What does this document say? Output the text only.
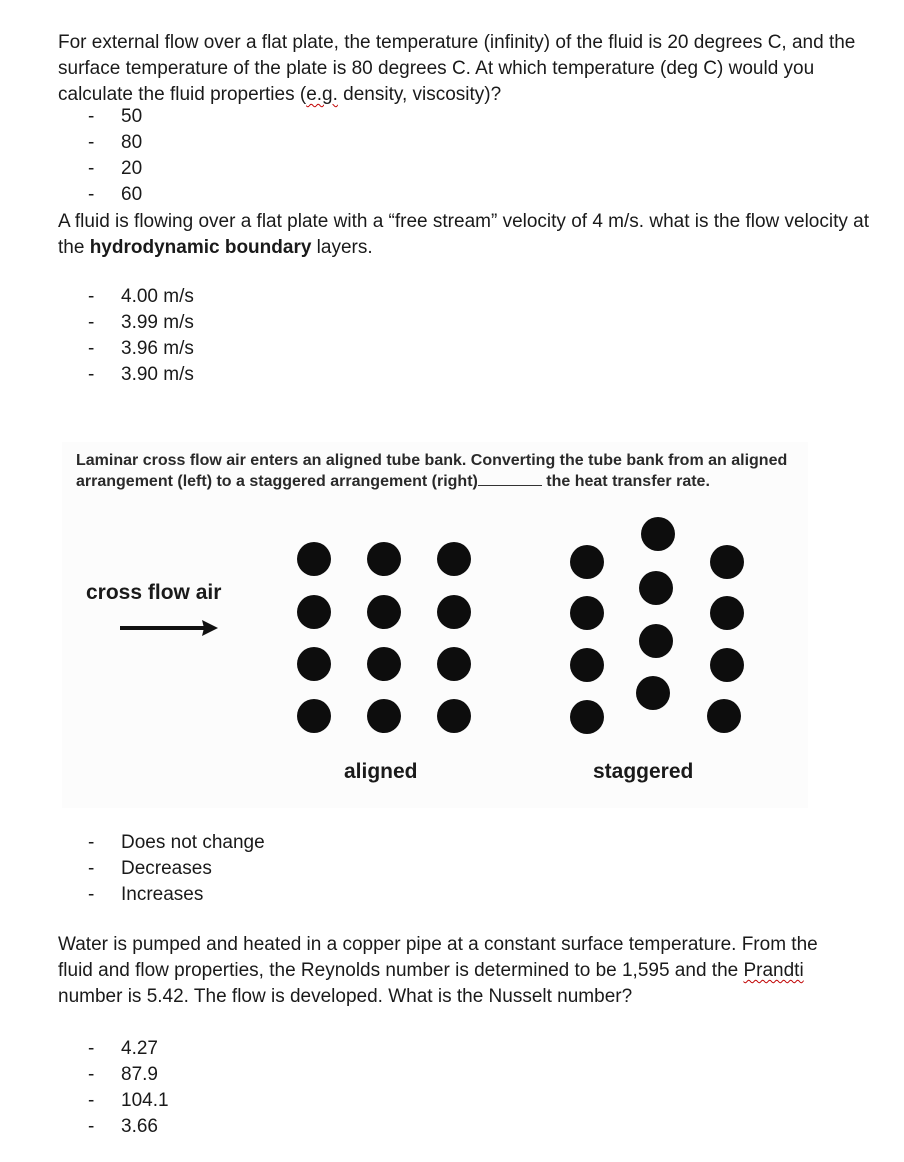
For external flow over a flat plate, the temperature (infinity) of the fluid is 20 degrees C, and the surface temperature of the plate is 80 degrees C. At which temperature (deg C) would you calculate the fluid properties (e.g. density, viscosity)?

- 50
- 80
- 20
- 60

A fluid is flowing over a flat plate with a “free stream” velocity of 4 m/s. what is the flow velocity at the hydrodynamic boundary layers.

- 4.00 m/s
- 3.99 m/s
- 3.96 m/s
- 3.90 m/s

Laminar cross flow air enters an aligned tube bank. Converting the tube bank from an aligned arrangement (left) to a staggered arrangement (right)	the heat transfer rate.

cross flow air
aligned	staggered
- Does not change
- Decreases
- Increases

Water is pumped and heated in a copper pipe at a constant surface temperature. From the fluid and flow properties, the Reynolds number is determined to be 1,595 and the Prandti number is 5.42. The flow is developed. What is the Nusselt number?

- 4.27
- 87.9
- 104.1
- 3.66
